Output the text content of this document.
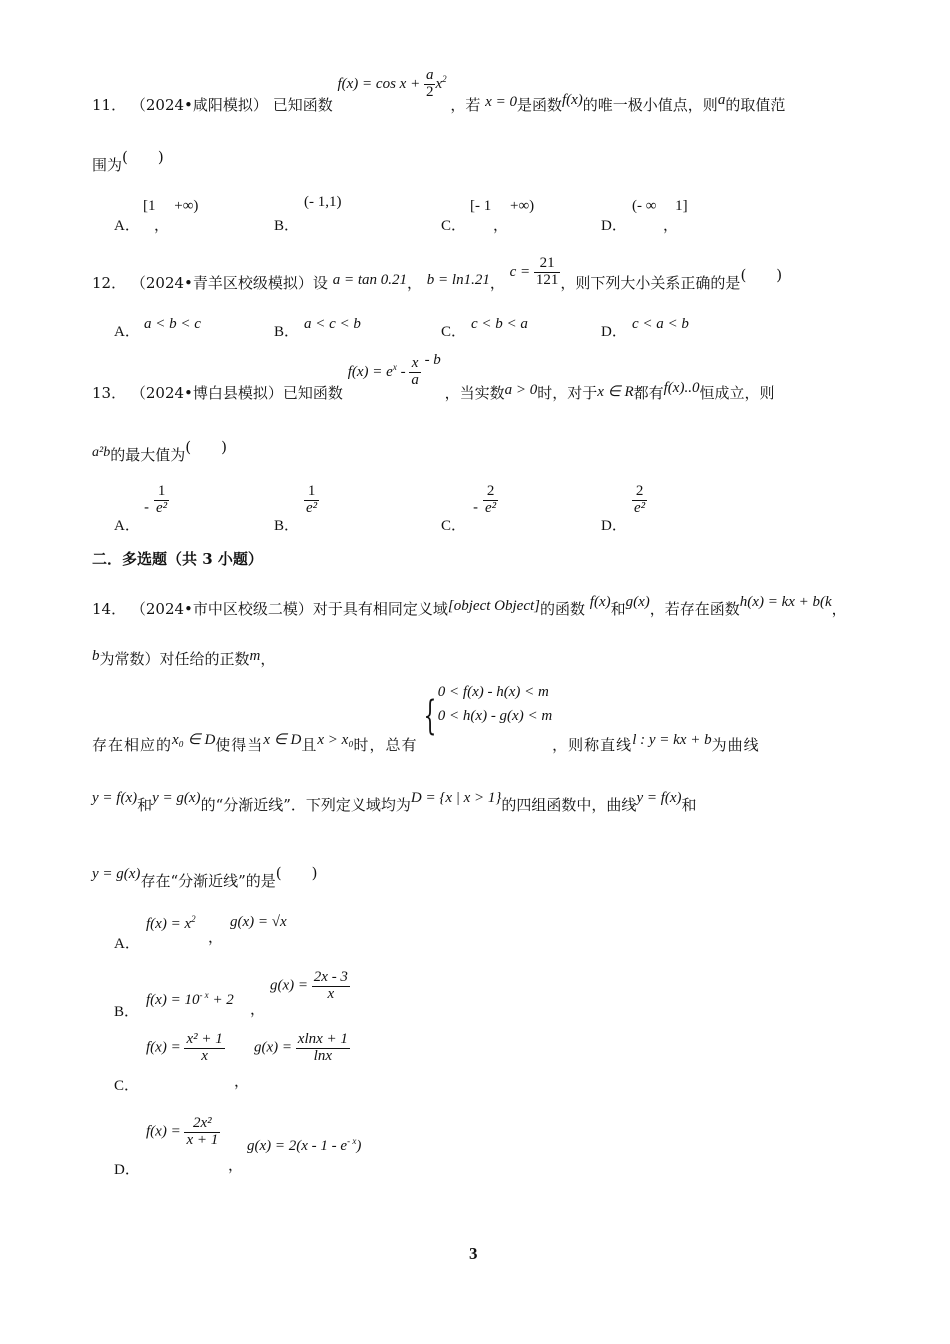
11． （2024•咸阳模拟） 已知函数 $f(x) = \cos x + \frac{a}{2} x^2$ ，若 x = 0是函数f(x)的唯一极小值点，则a的取值范
围为(　　)
A．
[1　 +∞)
，	B．
(- 1,1)
C．
[- 1　 +∞)
，	D．
(- ∞　 1]
，
12． （2024•青羊区校级模拟）设 a = tan 0.21， b = ln1.21， $c = \frac{21}{121}$ ，则下列大小关系正确的是(　　)
A． a < b < c	B． a < c < b	C． c < b < a	D． c < a < b
13． （2024•博白县模拟）已知函数 $f(x) = e^x - \frac{x}{a} - b$ ，当实数a > 0时，对于x ∈ R都有f(x)..0恒成立，则
a²b的最大值为(　　)
A．
- $\frac{1}{\text{e²}}$
B．
$\frac{1}{\text{e²}}$
C．
- $\frac{2}{\text{e²}}$
D．
$\frac{2}{\text{e²}}$
二．多选题（共 3 小题）
14． （2024•市中区校级二模）对于具有相同定义域[object Object]的函数 f(x)和g(x)，若存在函数h(x) = kx + b(k，
b为常数）对任给的正数m，
存在相应的x₀ ∈ D使得当x ∈ D且x > x₀时，总有 {
0 < f(x) - h(x) < m
0 < h(x) - g(x) < m
，则称直线l : y = kx + b为曲线
y = f(x)和y = g(x)的“分渐近线”．下列定义域均为D = {x | x > 1}的四组函数中，曲线y = f(x)和
y = g(x)存在“分渐近线”的是(　　)
A．
$f(x) = x^2$
，
g(x) = √x
B．
$f(x) = 10^{- x} + 2$ ，
$g(x) = \frac{2x - 3}{x}$
C．
$f(x) = \frac{\text{x² + 1}}{x}$
，
$g(x) = \frac{xlnx + 1}{\ln x}$
D．
$f(x) = \frac{\text{2x²}}{x + 1}$
，
$g(x) = 2(x - 1 - e^{- x})$
3
